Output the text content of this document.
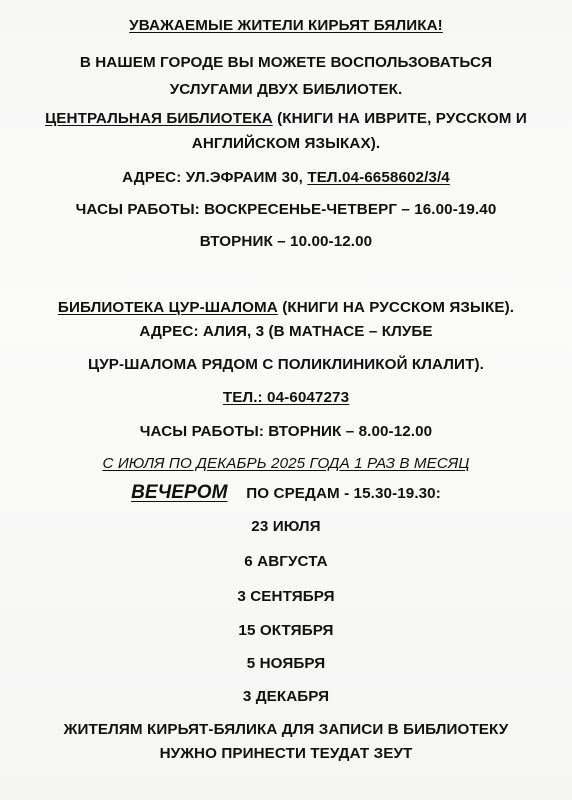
УВАЖАЕМЫЕ ЖИТЕЛИ КИРЬЯТ БЯЛИКА!
В НАШЕМ ГОРОДЕ ВЫ МОЖЕТЕ ВОСПОЛЬЗОВАТЬСЯ
УСЛУГАМИ ДВУХ БИБЛИОТЕК.
ЦЕНТРАЛЬНАЯ БИБЛИОТЕКА (КНИГИ НА ИВРИТЕ, РУССКОМ И
АНГЛИЙСКОМ ЯЗЫКАХ).
АДРЕС: УЛ.ЭФРАИМ 30, ТЕЛ.04-6658602/3/4
ЧАСЫ РАБОТЫ: ВОСКРЕСЕНЬЕ-ЧЕТВЕРГ – 16.00-19.40
ВТОРНИК – 10.00-12.00
БИБЛИОТЕКА ЦУР-ШАЛОМА (КНИГИ НА РУССКОМ ЯЗЫКЕ).
АДРЕС: АЛИЯ, 3 (В МАТНАСЕ – КЛУБЕ
ЦУР-ШАЛОМА РЯДОМ С ПОЛИКЛИНИКОЙ КЛАЛИТ).
ТЕЛ.: 04-6047273
ЧАСЫ РАБОТЫ: ВТОРНИК – 8.00-12.00
С ИЮЛЯ ПО ДЕКАБРЬ 2025 ГОДА 1 РАЗ В МЕСЯЦ
ВЕЧЕРОМ ПО СРЕДАМ - 15.30-19.30:
23 ИЮЛЯ
6 АВГУСТА
3 СЕНТЯБРЯ
15 ОКТЯБРЯ
5 НОЯБРЯ
3 ДЕКАБРЯ
ЖИТЕЛЯМ КИРЬЯТ-БЯЛИКА ДЛЯ ЗАПИСИ В БИБЛИОТЕКУ
НУЖНО ПРИНЕСТИ ТЕУДАТ ЗЕУТ
